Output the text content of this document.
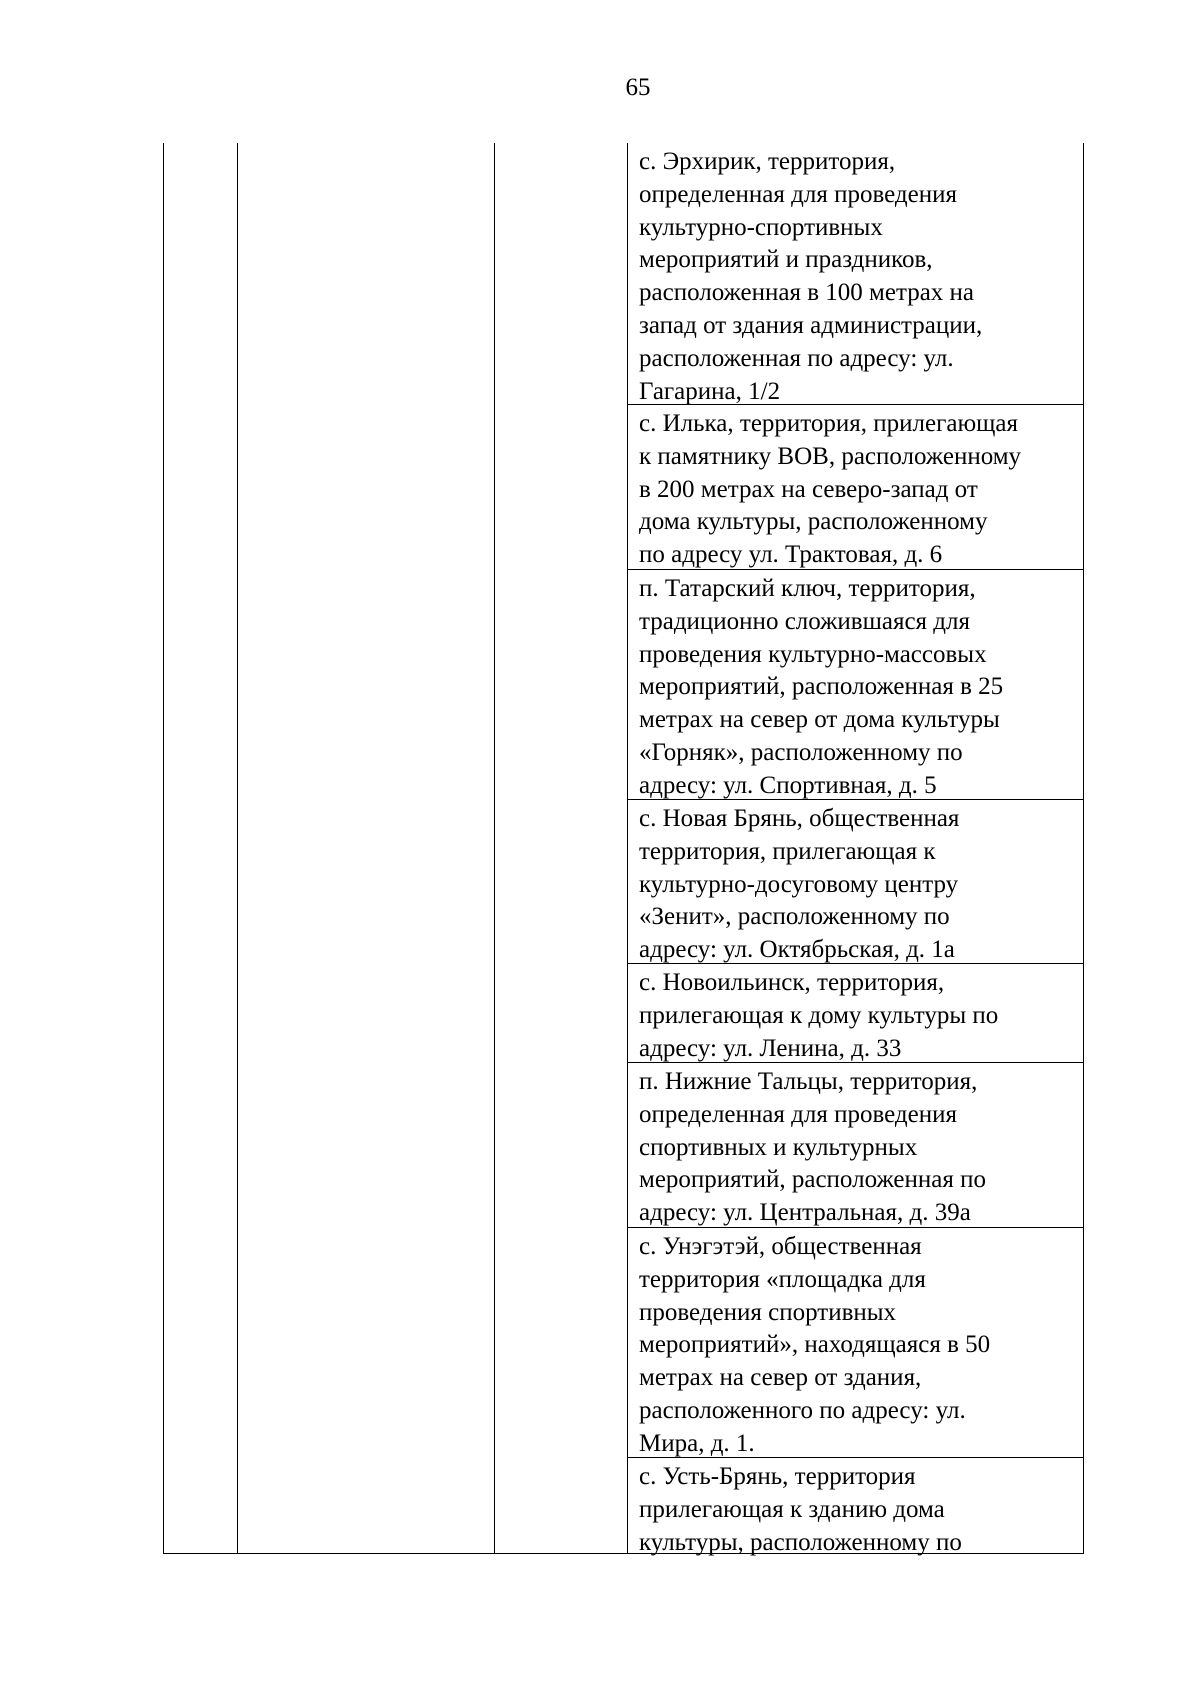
65
с. Эрхирик, территория,
определенная для проведения
культурно-спортивных
мероприятий и праздников,
расположенная в 100 метрах на
запад от здания администрации,
расположенная по адресу: ул.
Гагарина, 1/2
с. Илька, территория, прилегающая
к памятнику ВОВ, расположенному
в 200 метрах на северо-запад от
дома культуры, расположенному
по адресу ул. Трактовая, д. 6
п. Татарский ключ, территория,
традиционно сложившаяся для
проведения культурно-массовых
мероприятий, расположенная в 25
метрах на север от дома культуры
«Горняк», расположенному по
адресу: ул. Спортивная, д. 5
с. Новая Брянь, общественная
территория, прилегающая к
культурно-досуговому центру
«Зенит», расположенному по
адресу: ул. Октябрьская, д. 1а
с. Новоильинск, территория,
прилегающая к дому культуры по
адресу: ул. Ленина, д. 33
п. Нижние Тальцы, территория,
определенная для проведения
спортивных и культурных
мероприятий, расположенная по
адресу: ул. Центральная, д. 39а
с. Унэгэтэй, общественная
территория «площадка для
проведения спортивных
мероприятий», находящаяся в 50
метрах на север от здания,
расположенного по адресу: ул.
Мира, д. 1.
с. Усть-Брянь, территория
прилегающая к зданию дома
культуры, расположенному по
